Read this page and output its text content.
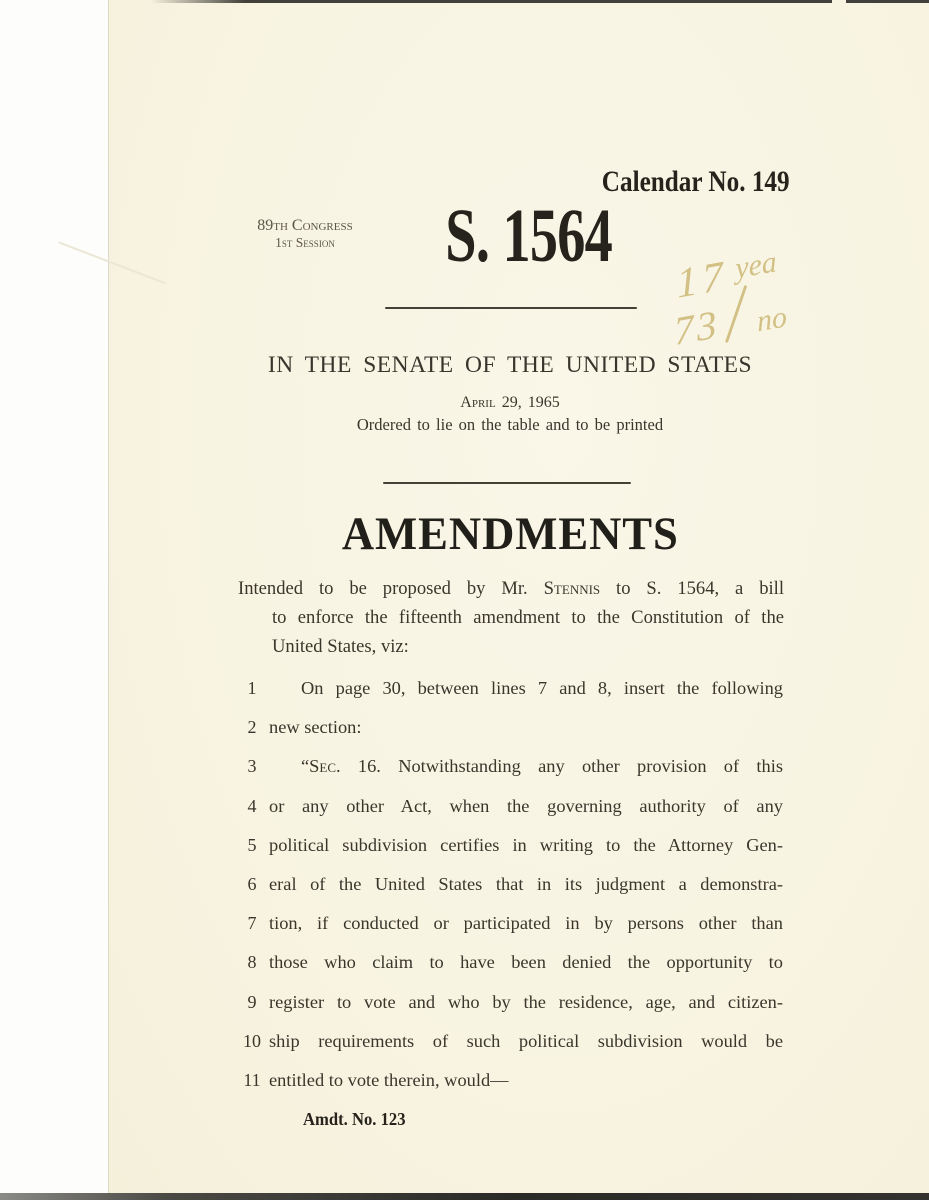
Calendar No. 149
89th Congress
1st Session	S. 1564
17 yea
73 no
IN THE SENATE OF THE UNITED STATES
April 29, 1965
Ordered to lie on the table and to be printed
AMENDMENTS
Intended to be proposed by Mr. Stennis to S. 1564, a bill
to enforce the fifteenth amendment to the Constitution of the
United States, viz:
1	On page 30, between lines 7 and 8, insert the following
2 new section:
3	“Sec. 16. Notwithstanding any other provision of this
4 or any other Act, when the governing authority of any
5 political subdivision certifies in writing to the Attorney Gen-
6 eral of the United States that in its judgment a demonstra-
7 tion, if conducted or participated in by persons other than
8 those who claim to have been denied the opportunity to
9 register to vote and who by the residence, age, and citizen-
10 ship requirements of such political subdivision would be
11 entitled to vote therein, would—
Amdt. No. 123
